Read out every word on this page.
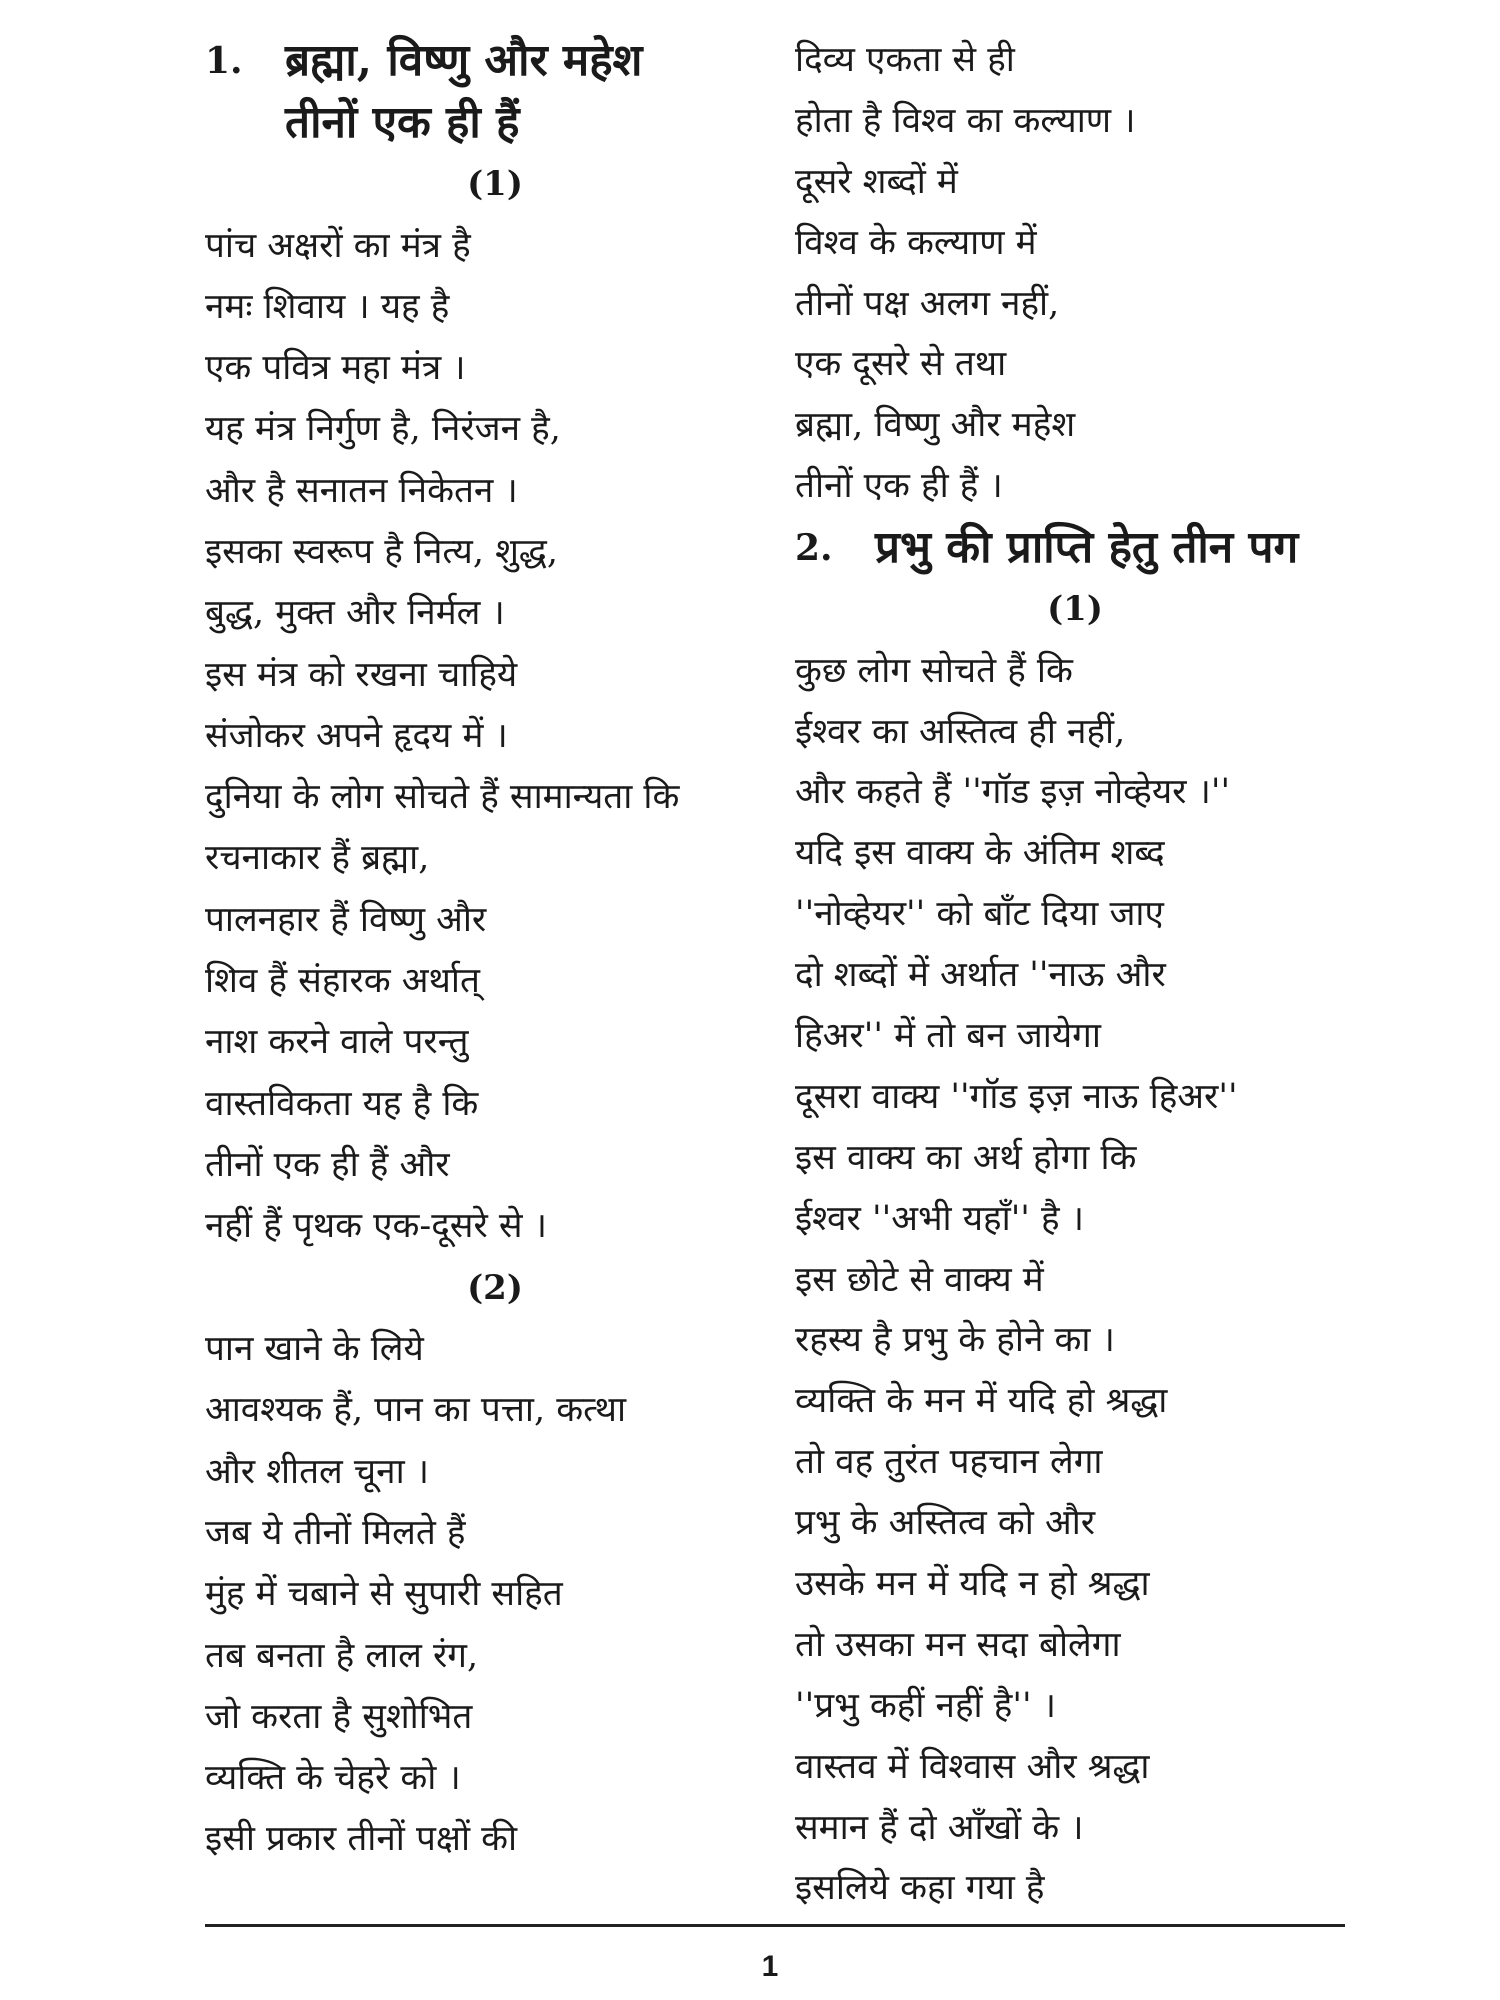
1. ब्रह्मा, विष्णु और महेश
तीनों एक ही हैं
(1)
पांच अक्षरों का मंत्र है
नमः शिवाय । यह है
एक पवित्र महा मंत्र ।
यह मंत्र निर्गुण है, निरंजन है,
और है सनातन निकेतन ।
इसका स्वरूप है नित्य, शुद्ध,
बुद्ध, मुक्त और निर्मल ।
इस मंत्र को रखना चाहिये
संजोकर अपने हृदय में ।
दुनिया के लोग सोचते हैं सामान्यता कि
रचनाकार हैं ब्रह्मा,
पालनहार हैं विष्णु और
शिव हैं संहारक अर्थात्
नाश करने वाले परन्तु
वास्तविकता यह है कि
तीनों एक ही हैं और
नहीं हैं पृथक एक-दूसरे से ।
(2)
पान खाने के लिये
आवश्यक हैं, पान का पत्ता, कत्था
और शीतल चूना ।
जब ये तीनों मिलते हैं
मुंह में चबाने से सुपारी सहित
तब बनता है लाल रंग,
जो करता है सुशोभित
व्यक्ति के चेहरे को ।
इसी प्रकार तीनों पक्षों की
दिव्य एकता से ही
होता है विश्व का कल्याण ।
दूसरे शब्दों में
विश्व के कल्याण में
तीनों पक्ष अलग नहीं,
एक दूसरे से तथा
ब्रह्मा, विष्णु और महेश
तीनों एक ही हैं ।
2. प्रभु की प्राप्ति हेतु तीन पग
(1)
कुछ लोग सोचते हैं कि
ईश्वर का अस्तित्व ही नहीं,
और कहते हैं ''गॉड इज़ नोव्हेयर ।''
यदि इस वाक्य के अंतिम शब्द
''नोव्हेयर'' को बाँट दिया जाए
दो शब्दों में अर्थात ''नाऊ और
हिअर'' में तो बन जायेगा
दूसरा वाक्य ''गॉड इज़ नाऊ हिअर''
इस वाक्य का अर्थ होगा कि
ईश्वर ''अभी यहाँ'' है ।
इस छोटे से वाक्य में
रहस्य है प्रभु के होने का ।
व्यक्ति के मन में यदि हो श्रद्धा
तो वह तुरंत पहचान लेगा
प्रभु के अस्तित्व को और
उसके मन में यदि न हो श्रद्धा
तो उसका मन सदा बोलेगा
''प्रभु कहीं नहीं है'' ।
वास्तव में विश्वास और श्रद्धा
समान हैं दो आँखों के ।
इसलिये कहा गया है
1
